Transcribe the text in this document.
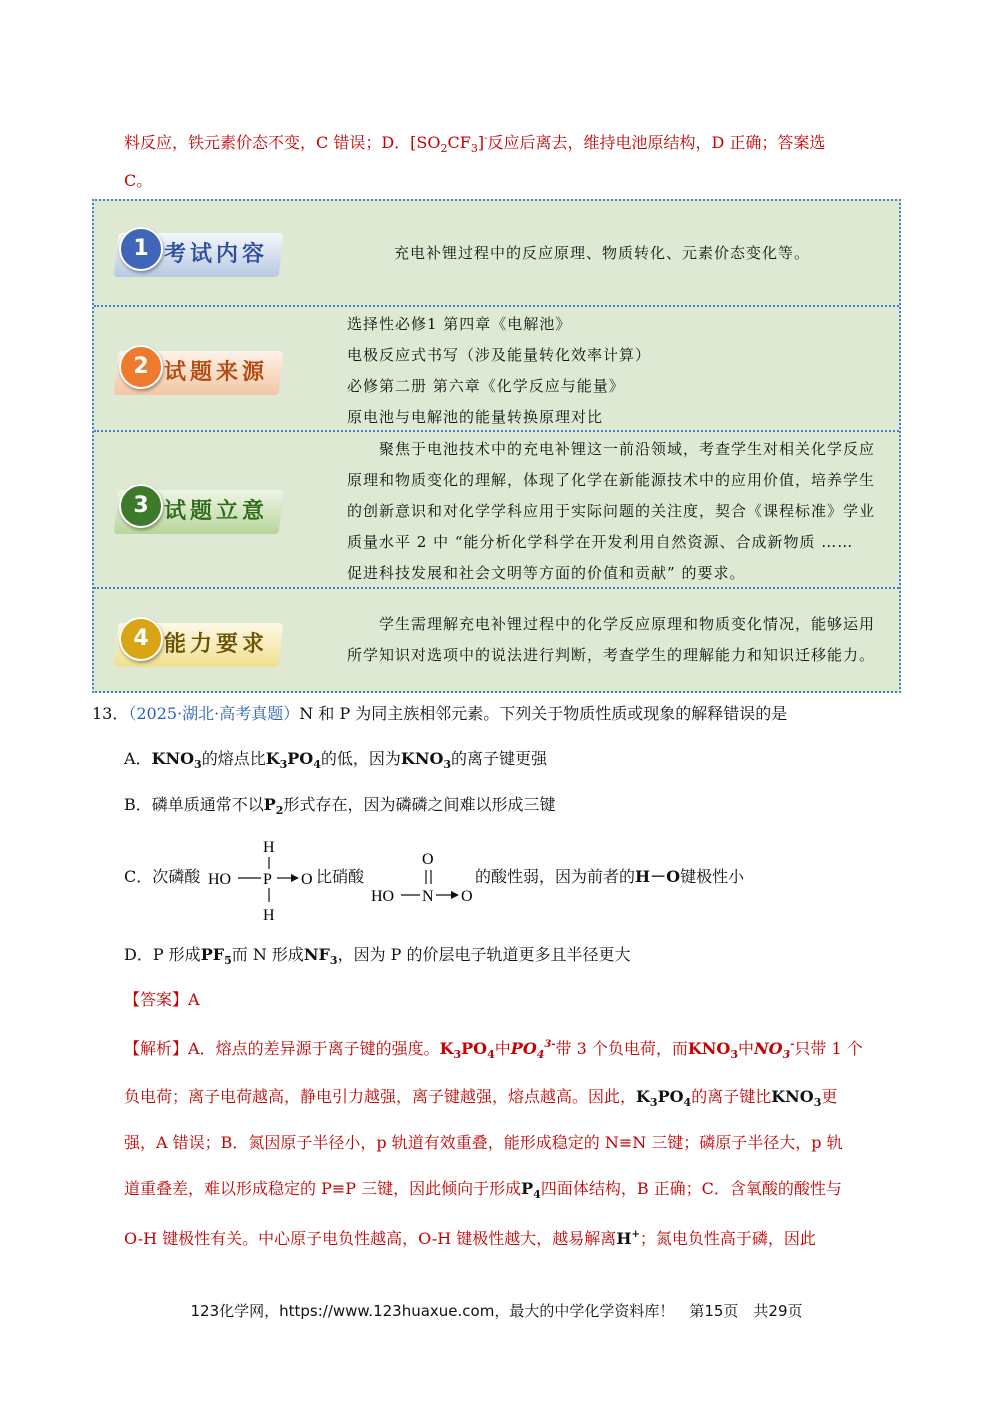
料反应，铁元素价态不变，C 错误；D．$[SO_2CF_3]^-$反应后离去，维持电池原结构，D 正确；答案选
C。
1 考试内容	充电补锂过程中的反应原理、物质转化、元素价态变化等。
2 试题来源
选择性必修1 第四章《电解池》
电极反应式书写（涉及能量转化效率计算）
必修第二册 第六章《化学反应与能量》
原电池与电解池的能量转换原理对比
3 试题立意
　　聚焦于电池技术中的充电补锂这一前沿领域，考查学生对相关化学反应
原理和物质变化的理解，体现了化学在新能源技术中的应用价值，培养学生
的创新意识和对化学学科应用于实际问题的关注度，契合《课程标准》学业
质量水平 2 中 “能分析化学科学在开发利用自然资源、合成新物质 ……
促进科技发展和社会文明等方面的价值和贡献” 的要求。
4 能力要求
　　学生需理解充电补锂过程中的化学反应原理和物质变化情况，能够运用
所学知识对选项中的说法进行判断，考查学生的理解能力和知识迁移能力。
13．（2025·湖北·高考真题）N 和 P 为同主族相邻元素。下列关于物质性质或现象的解释错误的是
A．$KNO_3$的熔点比$K_3PO_4$的低，因为$KNO_3$的离子键更强
B．磷单质通常不以$P_2$形式存在，因为磷磷之间难以形成三键
C．次磷酸
H
HO P O
H
比硝酸
O
HO N O
的酸性弱，因为前者的H－O键极性小
D．P 形成$PF_5$而 N 形成$NF_3$，因为 P 的价层电子轨道更多且半径更大
【答案】A
【解析】A．熔点的差异源于离子键的强度。$K_3PO_4$中$PO_4^{3-}$带 3 个负电荷，而$KNO_3$中$NO_3^-$只带 1 个
负电荷；离子电荷越高，静电引力越强，离子键越强，熔点越高。因此，$K_3PO_4$的离子键比$KNO_3$更
强，A 错误；B．氮因原子半径小，p 轨道有效重叠，能形成稳定的 N≡N 三键；磷原子半径大，p 轨
道重叠差，难以形成稳定的 P≡P 三键，因此倾向于形成$P_4$四面体结构，B 正确；C．含氧酸的酸性与
O-H 键极性有关。中心原子电负性越高，O-H 键极性越大，越易解离H+；氮电负性高于磷，因此
123化学网，https://www.123huaxue.com，最大的中学化学资料库！　第15页　共29页
